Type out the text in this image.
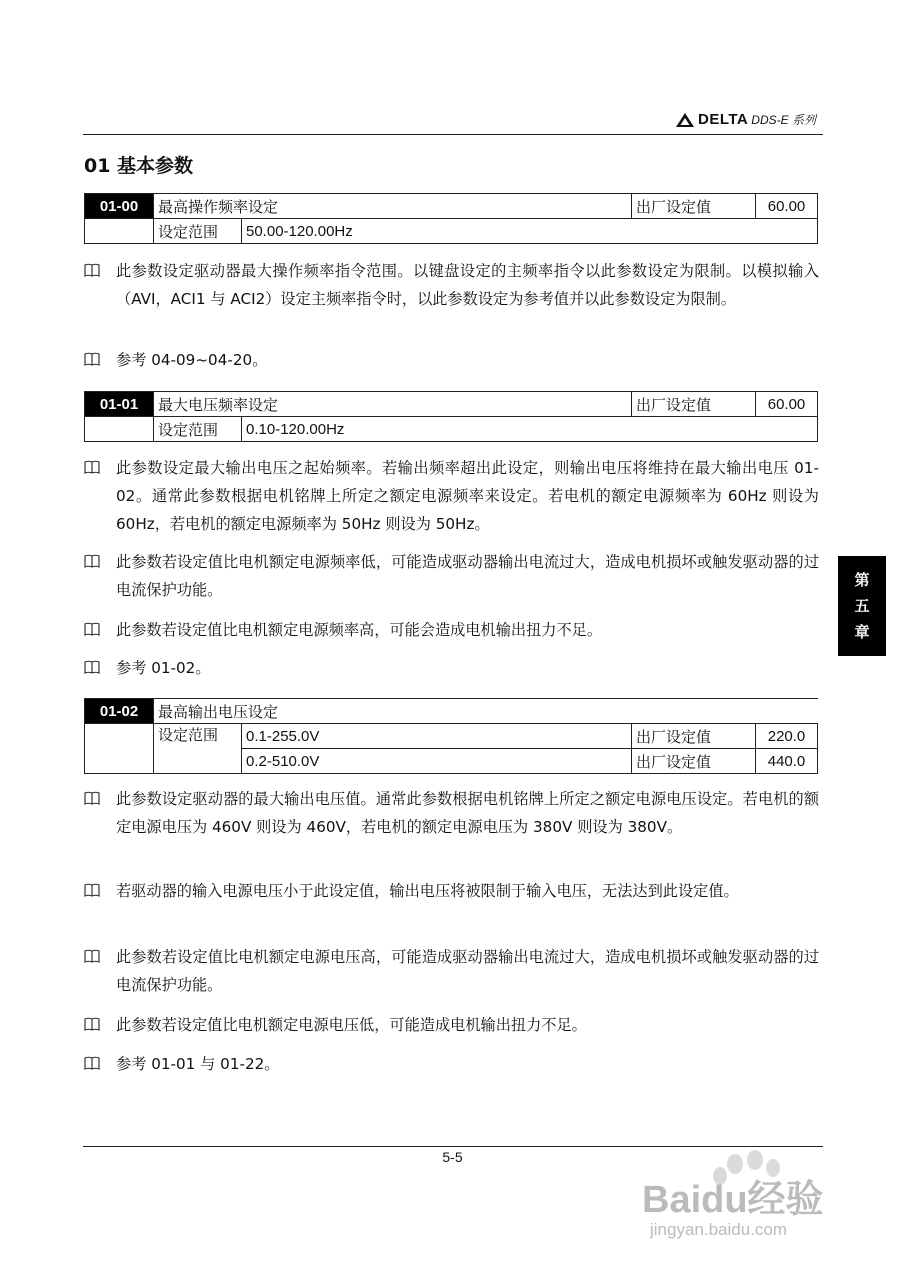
DELTA DDS-E 系列
01 基本参数
01-00	最高操作频率设定		出厂设定值	60.00
	设定范围	50.00-120.00Hz		
此参数设定驱动器最大操作频率指令范围。以键盘设定的主频率指令以此参数设定为限制。以模拟输入（AVI，ACI1 与 ACI2）设定主频率指令时，以此参数设定为参考值并以此参数设定为限制。
参考 04-09~04-20。
01-01	最大电压频率设定		出厂设定值	60.00
	设定范围	0.10-120.00Hz		
此参数设定最大输出电压之起始频率。若输出频率超出此设定，则输出电压将维持在最大输出电压 01-02。通常此参数根据电机铭牌上所定之额定电源频率来设定。若电机的额定电源频率为 60Hz 则设为 60Hz，若电机的额定电源频率为 50Hz 则设为 50Hz。
此参数若设定值比电机额定电源频率低，可能造成驱动器输出电流过大，造成电机损坏或触发驱动器的过电流保护功能。
此参数若设定值比电机额定电源频率高，可能会造成电机输出扭力不足。
参考 01-02。
01-02	最高输出电压设定			
	设定范围	0.1-255.0V	出厂设定值	220.0
		0.2-510.0V	出厂设定值	440.0
此参数设定驱动器的最大输出电压值。通常此参数根据电机铭牌上所定之额定电源电压设定。若电机的额定电源电压为 460V 则设为 460V，若电机的额定电源电压为 380V 则设为 380V。
若驱动器的输入电源电压小于此设定值，输出电压将被限制于输入电压，无法达到此设定值。
此参数若设定值比电机额定电源电压高，可能造成驱动器输出电流过大，造成电机损坏或触发驱动器的过电流保护功能。
此参数若设定值比电机额定电源电压低，可能造成电机输出扭力不足。
参考 01-01 与 01-22。
第
五
章
5-5
Baidu经验
jingyan.baidu.com
